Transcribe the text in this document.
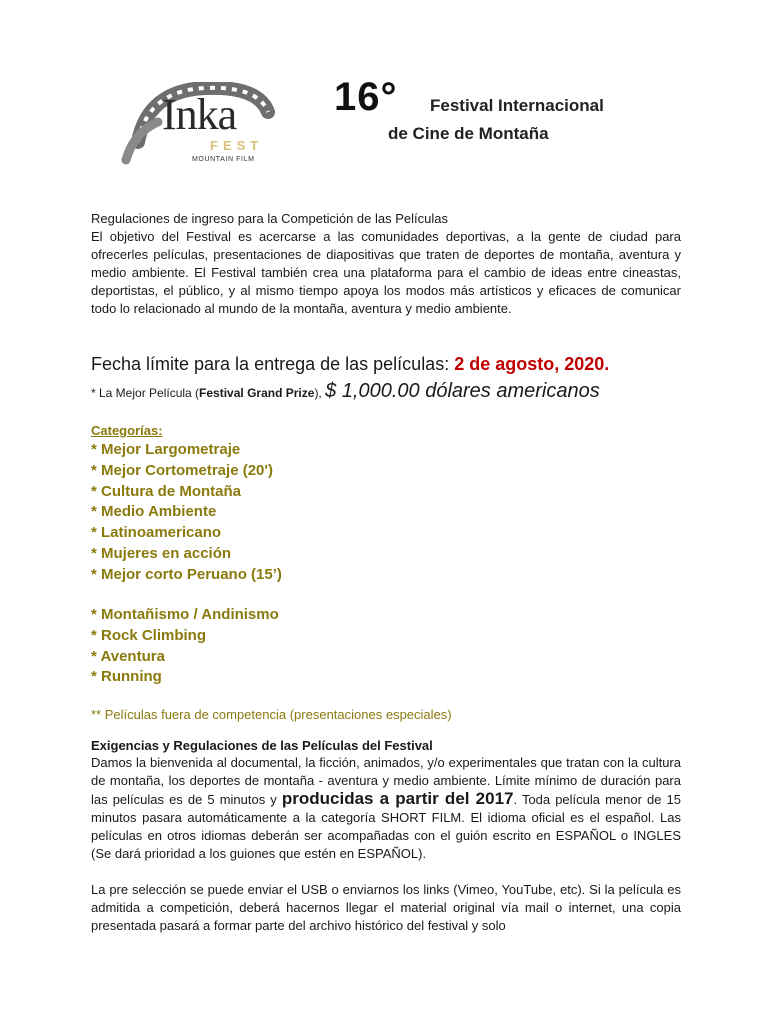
Inka
FEST
MOUNTAIN FILM
16° Festival Internacional
de Cine de Montaña
Regulaciones de ingreso para la Competición de las Películas
El objetivo del Festival es acercarse a las comunidades deportivas, a la gente de ciudad para ofrecerles películas, presentaciones de diapositivas que traten de deportes de montaña, aventura y medio ambiente. El Festival también crea una plataforma para el cambio de ideas entre cineastas, deportistas, el público, y al mismo tiempo apoya los modos más artísticos y eficaces de comunicar todo lo relacionado al mundo de la montaña, aventura y medio ambiente.
Fecha límite para la entrega de las películas: 2 de agosto, 2020.
* La Mejor Película (Festival Grand Prize), $ 1,000.00 dólares americanos
Categorías:
* Mejor Largometraje
* Mejor Cortometraje (20')
* Cultura de Montaña
* Medio Ambiente
* Latinoamericano
* Mujeres en acción
* Mejor corto Peruano (15’)
* Montañismo / Andinismo
* Rock Climbing
* Aventura
* Running
** Películas fuera de competencia (presentaciones especiales)
Exigencias y Regulaciones de las Películas del Festival
Damos la bienvenida al documental, la ficción, animados, y/o experimentales que tratan con la cultura de montaña, los deportes de montaña - aventura y medio ambiente. Límite mínimo de duración para las películas es de 5 minutos y producidas a partir del 2017. Toda película menor de 15 minutos pasara automáticamente a la categoría SHORT FILM. El idioma oficial es el español. Las películas en otros idiomas deberán ser acompañadas con el guión escrito en ESPAÑOL o INGLES (Se dará prioridad a los guiones que estén en ESPAÑOL).
La pre selección se puede enviar el USB o enviarnos los links (Vimeo, YouTube, etc). Si la película es admitida a competición, deberá hacernos llegar el material original vía mail o internet, una copia presentada pasará a formar parte del archivo histórico del festival y solo
